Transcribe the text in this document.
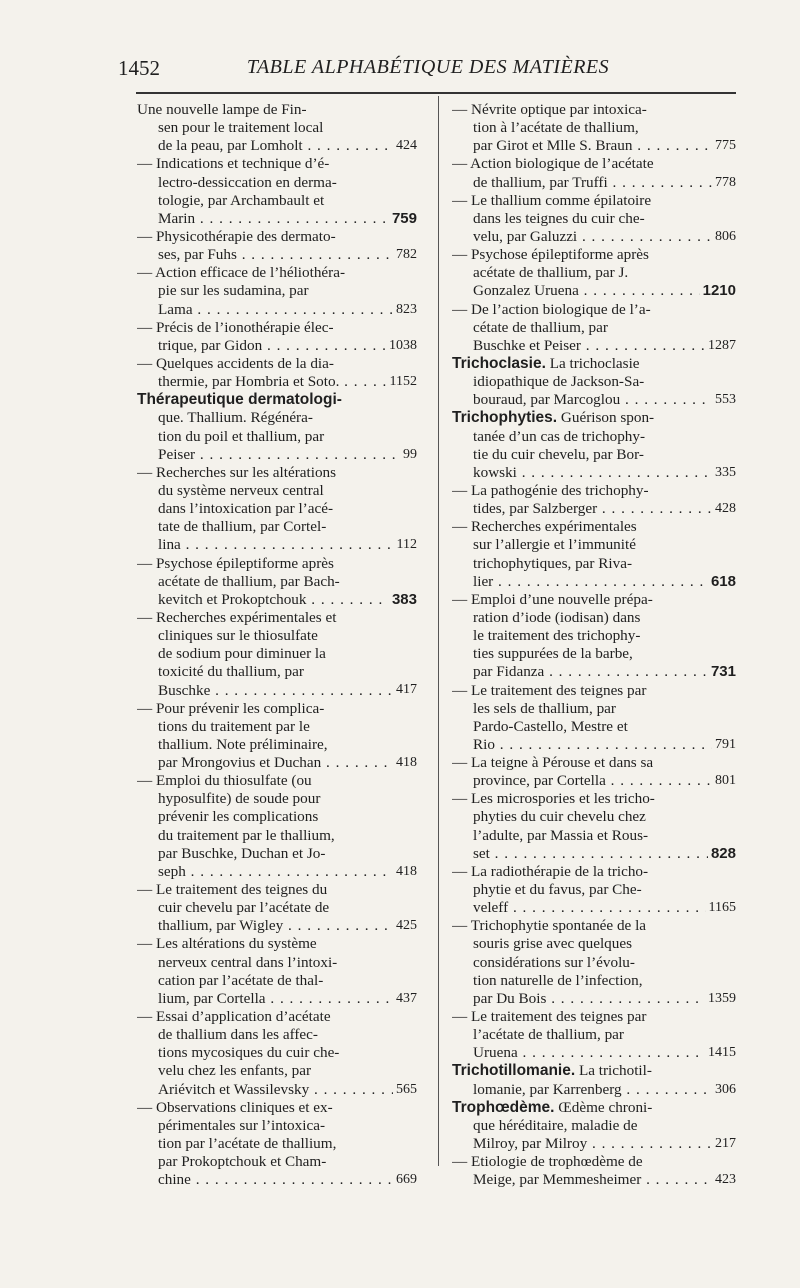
1452	TABLE ALPHABÉTIQUE DES MATIÈRES
Une nouvelle lampe de Fin-
sen pour le traitement local
de la peau, par Lomholt . . .	424
— Indications et technique d’é-
lectro-dessiccation en derma-
tologie, par Archambault et
Marin . . .	759
— Physicothérapie des dermato-
ses, par Fuhs . . .	782
— Action efficace de l’héliothéra-
pie sur les sudamina, par
Lama . . .	823
— Précis de l’ionothérapie élec-
trique, par Gidon . . .	1038
— Quelques accidents de la dia-
thermie, par Hombria et Soto. . . .	1152
Thérapeutique dermatologi-
que. Thallium. Régénéra-
tion du poil et thallium, par
Peiser . . .	99
— Recherches sur les altérations
du système nerveux central
dans l’intoxication par l’acé-
tate de thallium, par Cortel-
lina . . .	112
— Psychose épileptiforme après
acétate de thallium, par Bach-
kevitch et Prokoptchouk . . .	383
— Recherches expérimentales et
cliniques sur le thiosulfate
de sodium pour diminuer la
toxicité du thallium, par
Buschke . . .	417
— Pour prévenir les complica-
tions du traitement par le
thallium. Note préliminaire,
par Mrongovius et Duchan . . .	418
— Emploi du thiosulfate (ou
hyposulfite) de soude pour
prévenir les complications
du traitement par le thallium,
par Buschke, Duchan et Jo-
seph . . .	418
— Le traitement des teignes du
cuir chevelu par l’acétate de
thallium, par Wigley . . .	425
— Les altérations du système
nerveux central dans l’intoxi-
cation par l’acétate de thal-
lium, par Cortella . . .	437
— Essai d’application d’acétate
de thallium dans les affec-
tions mycosiques du cuir che-
velu chez les enfants, par
Ariévitch et Wassilevsky . . .	565
— Observations cliniques et ex-
périmentales sur l’intoxica-
tion par l’acétate de thallium,
par Prokoptchouk et Cham-
chine . . .	669
— Névrite optique par intoxica-
tion à l’acétate de thallium,
par Girot et Mlle S. Braun . . .	775
— Action biologique de l’acétate
de thallium, par Truffi . . .	778
— Le thallium comme épilatoire
dans les teignes du cuir che-
velu, par Galuzzi . . .	806
— Psychose épileptiforme après
acétate de thallium, par J.
Gonzalez Uruena . . .	1210
— De l’action biologique de l’a-
cétate de thallium, par
Buschke et Peiser . . .	1287
Trichoclasie. La trichoclasie
idiopathique de Jackson-Sa-
bouraud, par Marcoglou . . .	553
Trichophyties. Guérison spon-
tanée d’un cas de trichophy-
tie du cuir chevelu, par Bor-
kowski . . .	335
— La pathogénie des trichophy-
tides, par Salzberger . . .	428
— Recherches expérimentales
sur l’allergie et l’immunité
trichophytiques, par Riva-
lier . . .	618
— Emploi d’une nouvelle prépa-
ration d’iode (iodisan) dans
le traitement des trichophy-
ties suppurées de la barbe,
par Fidanza . . .	731
— Le traitement des teignes par
les sels de thallium, par
Pardo-Castello, Mestre et
Rio . . .	791
— La teigne à Pérouse et dans sa
province, par Cortella . . .	801
— Les microspories et les tricho-
phyties du cuir chevelu chez
l’adulte, par Massia et Rous-
set . . .	828
— La radiothérapie de la tricho-
phytie et du favus, par Che-
veleff . . .	1165
— Trichophytie spontanée de la
souris grise avec quelques
considérations sur l’évolu-
tion naturelle de l’infection,
par Du Bois . . .	1359
— Le traitement des teignes par
l’acétate de thallium, par
Uruena . . .	1415
Trichotillomanie. La trichotil-
lomanie, par Karrenberg . . .	306
Trophœdème. Œdème chroni-
que héréditaire, maladie de
Milroy, par Milroy . . .	217
— Etiologie de trophœdème de
Meige, par Memmesheimer . . .	423
